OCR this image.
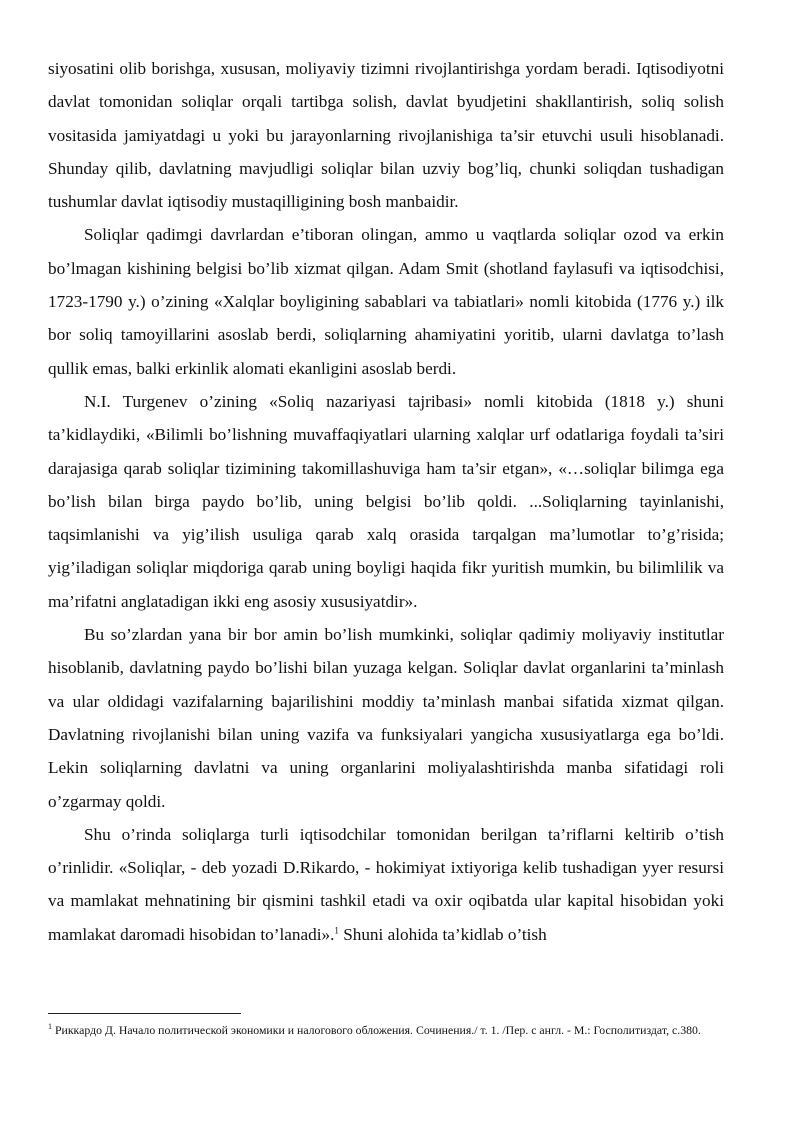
siyosatini olib borishga, xususan, moliyaviy tizimni rivojlantirishga yordam beradi. Iqtisodiyotni davlat tomonidan soliqlar orqali tartibga solish, davlat byudjetini shakllantirish, soliq solish vositasida jamiyatdagi u yoki bu jarayonlarning rivojlanishiga ta’sir etuvchi usuli hisoblanadi. Shunday qilib, davlatning mavjudligi soliqlar bilan uzviy bog’liq, chunki soliqdan tushadigan tushumlar davlat iqtisodiy mustaqilligining bosh manbaidir.

Soliqlar qadimgi davrlardan e’tiboran olingan, ammo u vaqtlarda soliqlar ozod va erkin bo’lmagan kishining belgisi bo’lib xizmat qilgan. Adam Smit (shotland faylasufi va iqtisodchisi, 1723-1790 y.) o’zining «Xalqlar boyligining sabablari va tabiatlari» nomli kitobida (1776 y.) ilk bor soliq tamoyillarini asoslab berdi, soliqlarning ahamiyatini yoritib, ularni davlatga to’lash qullik emas, balki erkinlik alomati ekanligini asoslab berdi.

N.I. Turgenev o’zining «Soliq nazariyasi tajribasi» nomli kitobida (1818 y.) shuni ta’kidlaydiki, «Bilimli bo’lishning muvaffaqiyatlari ularning xalqlar urf odatlariga foydali ta’siri darajasiga qarab soliqlar tizimining takomillashuviga ham ta’sir etgan», «…soliqlar bilimga ega bo’lish bilan birga paydo bo’lib, uning belgisi bo’lib qoldi. ...Soliqlarning tayinlanishi, taqsimlanishi va yig’ilish usuliga qarab xalq orasida tarqalgan ma’lumotlar to’g’risida; yig’iladigan soliqlar miqdoriga qarab uning boyligi haqida fikr yuritish mumkin, bu bilimlilik va ma’rifatni anglatadigan ikki eng asosiy xususiyatdir».

Bu so’zlardan yana bir bor amin bo’lish mumkinki, soliqlar qadimiy moliyaviy institutlar hisoblanib, davlatning paydo bo’lishi bilan yuzaga kelgan. Soliqlar davlat organlarini ta’minlash va ular oldidagi vazifalarning bajarilishini moddiy ta’minlash manbai sifatida xizmat qilgan. Davlatning rivojlanishi bilan uning vazifa va funksiyalari yangicha xususiyatlarga ega bo’ldi. Lekin soliqlarning davlatni va uning organlarini moliyalashtirishda manba sifatidagi roli o’zgarmay qoldi.

Shu o’rinda soliqlarga turli iqtisodchilar tomonidan berilgan ta’riflarni keltirib o’tish o’rinlidir. «Soliqlar, - deb yozadi D.Rikardo, - hokimiyat ixtiyoriga kelib tushadigan yyer resursi va mamlakat mehnatining bir qismini tashkil etadi va oxir oqibatda ular kapital hisobidan yoki mamlakat daromadi hisobidan to’lanadi».$^1$ Shuni alohida ta’kidlab o’tish

$^1$ Риккардо Д. Начало политической экономики и налогового обложения. Сочинения./ т. 1. /Пер. с англ. - М.: Госполитиздат, с.380.
